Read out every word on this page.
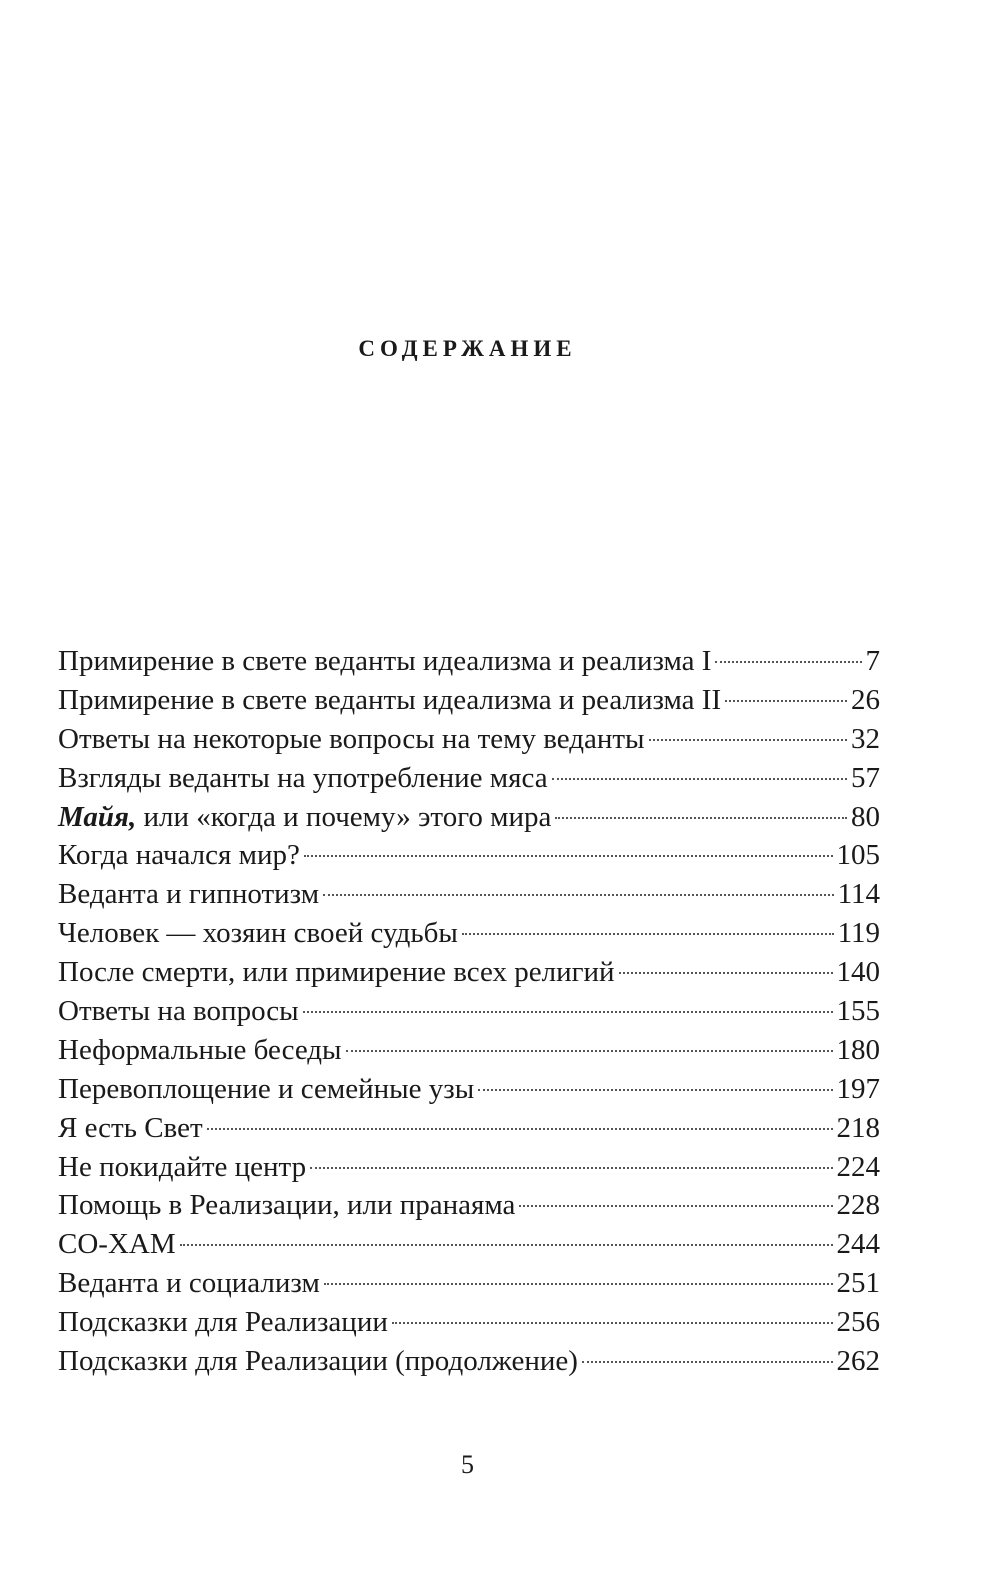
содержание
Примирение в свете веданты идеализма и реализма I	7
Примирение в свете веданты идеализма и реализма II	26
Ответы на некоторые вопросы на тему веданты	32
Взгляды веданты на употребление мяса	57
Майя, или «когда и почему» этого мира	80
Когда начался мир?	105
Веданта и гипнотизм	114
Человек — хозяин своей судьбы	119
После смерти, или примирение всех религий	140
Ответы на вопросы	155
Неформальные беседы	180
Перевоплощение и семейные узы	197
Я есть Свет	218
Не покидайте центр	224
Помощь в Реализации, или пранаяма	228
СО-ХАМ	244
Веданта и социализм	251
Подсказки для Реализации	256
Подсказки для Реализации (продолжение)	262
5
